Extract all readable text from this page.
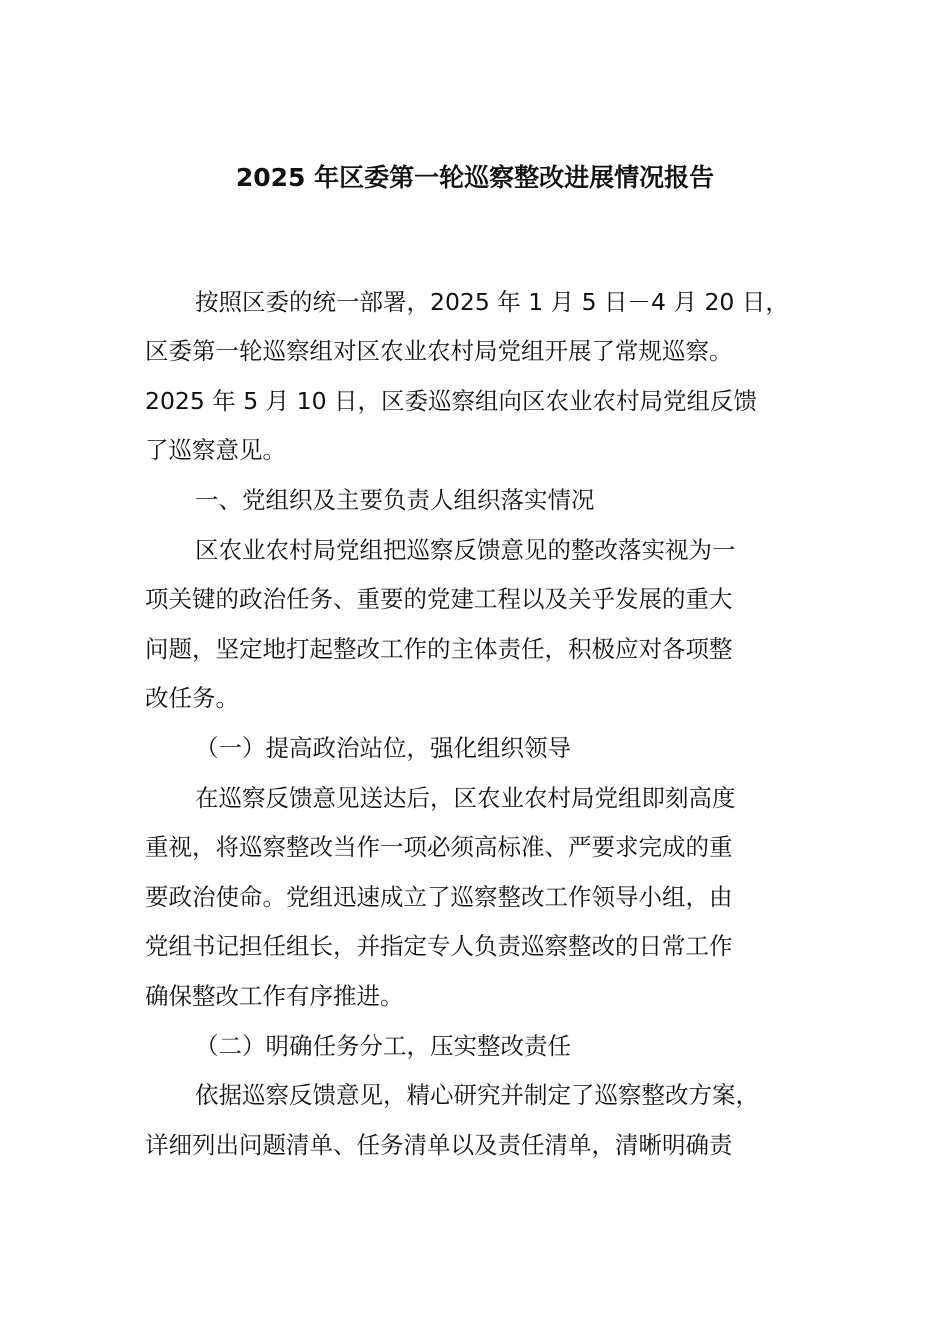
2025 年区委第一轮巡察整改进展情况报告
按照区委的统一部署，2025 年 1 月 5 日－4 月 20 日，
区委第一轮巡察组对区农业农村局党组开展了常规巡察。
2025 年 5 月 10 日，区委巡察组向区农业农村局党组反馈
了巡察意见。
一、党组织及主要负责人组织落实情况
区农业农村局党组把巡察反馈意见的整改落实视为一
项关键的政治任务、重要的党建工程以及关乎发展的重大
问题，坚定地打起整改工作的主体责任，积极应对各项整
改任务。
（一）提高政治站位，强化组织领导
在巡察反馈意见送达后，区农业农村局党组即刻高度
重视，将巡察整改当作一项必须高标准、严要求完成的重
要政治使命。党组迅速成立了巡察整改工作领导小组，由
党组书记担任组长，并指定专人负责巡察整改的日常工作
确保整改工作有序推进。
（二）明确任务分工，压实整改责任
依据巡察反馈意见，精心研究并制定了巡察整改方案，
详细列出问题清单、任务清单以及责任清单，清晰明确责
